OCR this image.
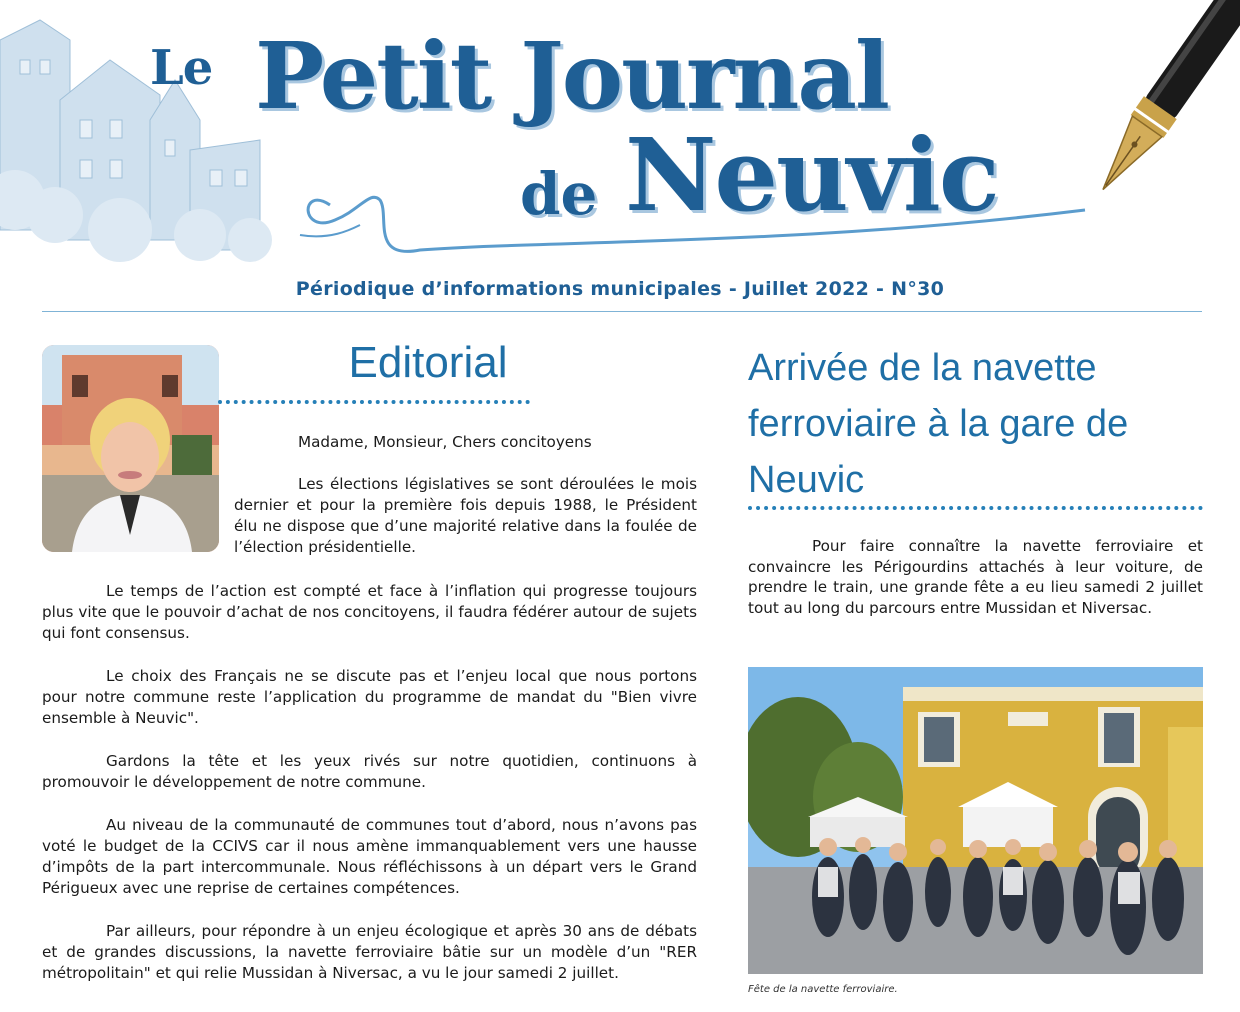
Le Petit Journal
de Neuvic
Périodique d’informations municipales - Juillet 2022 - N°30
Editorial
Madame, Monsieur, Chers concitoyens

Les élections législatives se sont déroulées le mois dernier et pour la première fois depuis 1988, le Président élu ne dispose que d’une majorité relative dans la foulée de l’élection présidentielle.

Le temps de l’action est compté et face à l’inflation qui progresse toujours plus vite que le pouvoir d’achat de nos concitoyens, il faudra fédérer autour de sujets qui font consensus.

Le choix des Français ne se discute pas et l’enjeu local que nous portons pour notre commune reste l’application du programme de mandat du "Bien vivre ensemble à Neuvic".

Gardons la tête et les yeux rivés sur notre quotidien, continuons à promouvoir le développement de notre commune.

Au niveau de la communauté de communes tout d’abord, nous n’avons pas voté le budget de la CCIVS car il nous amène immanquablement vers une hausse d’impôts de la part intercommunale. Nous réfléchissons à un départ vers le Grand Périgueux avec une reprise de certaines compétences.

Par ailleurs, pour répondre à un enjeu écologique et après 30 ans de débats et de grandes discussions, la navette ferroviaire bâtie sur un modèle d’un "RER métropolitain" et qui relie Mussidan à Niversac, a vu le jour samedi 2 juillet.

Arrivée de la navette ferroviaire à la gare de Neuvic

Pour faire connaître la navette ferroviaire et convaincre les Périgourdins attachés à leur voiture, de prendre le train, une grande fête a eu lieu samedi 2 juillet tout au long du parcours entre Mussidan et Niversac.

Fête de la navette ferroviaire.
